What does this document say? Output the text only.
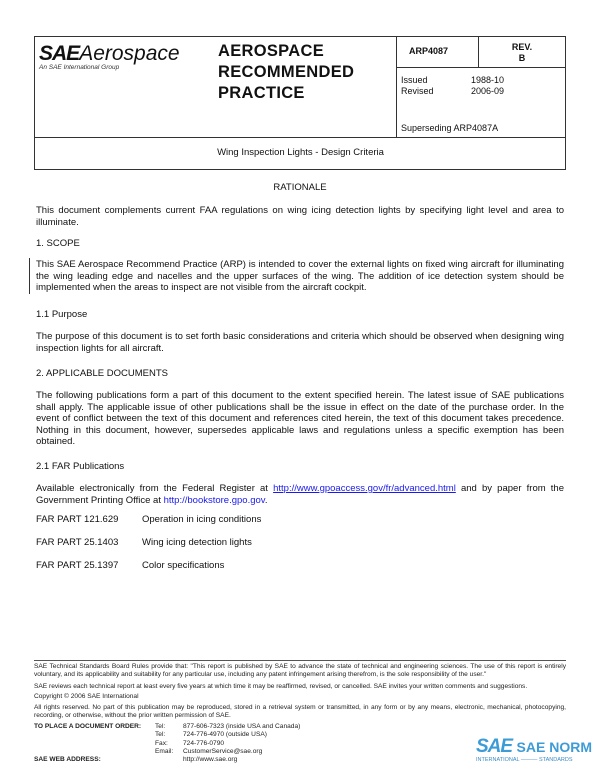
SAEAerospace
An SAE International Group
AEROSPACE
RECOMMENDED
PRACTICE
ARP4087	REV.
B
Issued	1988-10
Revised	2006-09
Superseding ARP4087A
Wing Inspection Lights - Design Criteria
RATIONALE

This document complements current FAA regulations on wing icing detection lights by specifying light level and area to illuminate.

1. SCOPE

This SAE Aerospace Recommend Practice (ARP) is intended to cover the external lights on fixed wing aircraft for illuminating the wing leading edge and nacelles and the upper surfaces of the wing. The addition of ice detection system should be implemented when the areas to inspect are not visible from the aircraft cockpit.

1.1 Purpose

The purpose of this document is to set forth basic considerations and criteria which should be observed when designing wing inspection lights for all aircraft.

2. APPLICABLE DOCUMENTS

The following publications form a part of this document to the extent specified herein. The latest issue of SAE publications shall apply. The applicable issue of other publications shall be the issue in effect on the date of the purchase order. In the event of conflict between the text of this document and references cited herein, the text of this document takes precedence. Nothing in this document, however, supersedes applicable laws and regulations unless a specific exemption has been obtained.

2.1 FAR Publications

Available electronically from the Federal Register at http://www.gpoaccess.gov/fr/advanced.html and by paper from the Government Printing Office at http://bookstore.gpo.gov.

FAR PART 121.629 Operation in icing conditions
FAR PART 25.1403 Wing icing detection lights
FAR PART 25.1397 Color specifications
SAE Technical Standards Board Rules provide that: "This report is published by SAE to advance the state of technical and engineering sciences. The use of this report is entirely voluntary, and its applicability and suitability for any particular use, including any patent infringement arising therefrom, is the sole responsibility of the user."
SAE reviews each technical report at least every five years at which time it may be reaffirmed, revised, or cancelled. SAE invites your written comments and suggestions.
Copyright © 2006 SAE International
All rights reserved. No part of this publication may be reproduced, stored in a retrieval system or transmitted, in any form or by any means, electronic, mechanical, photocopying, recording, or otherwise, without the prior written permission of SAE.
TO PLACE A DOCUMENT ORDER: Tel:	877-606-7323 (inside USA and Canada)
Tel:	724-776-4970 (outside USA)
Fax: 724-776-0790
Email: CustomerService@sae.org
http://www.sae.org
SAE WEB ADDRESS:
SAE SAE NORM
INTERNATIONAL ——— STANDARDS
